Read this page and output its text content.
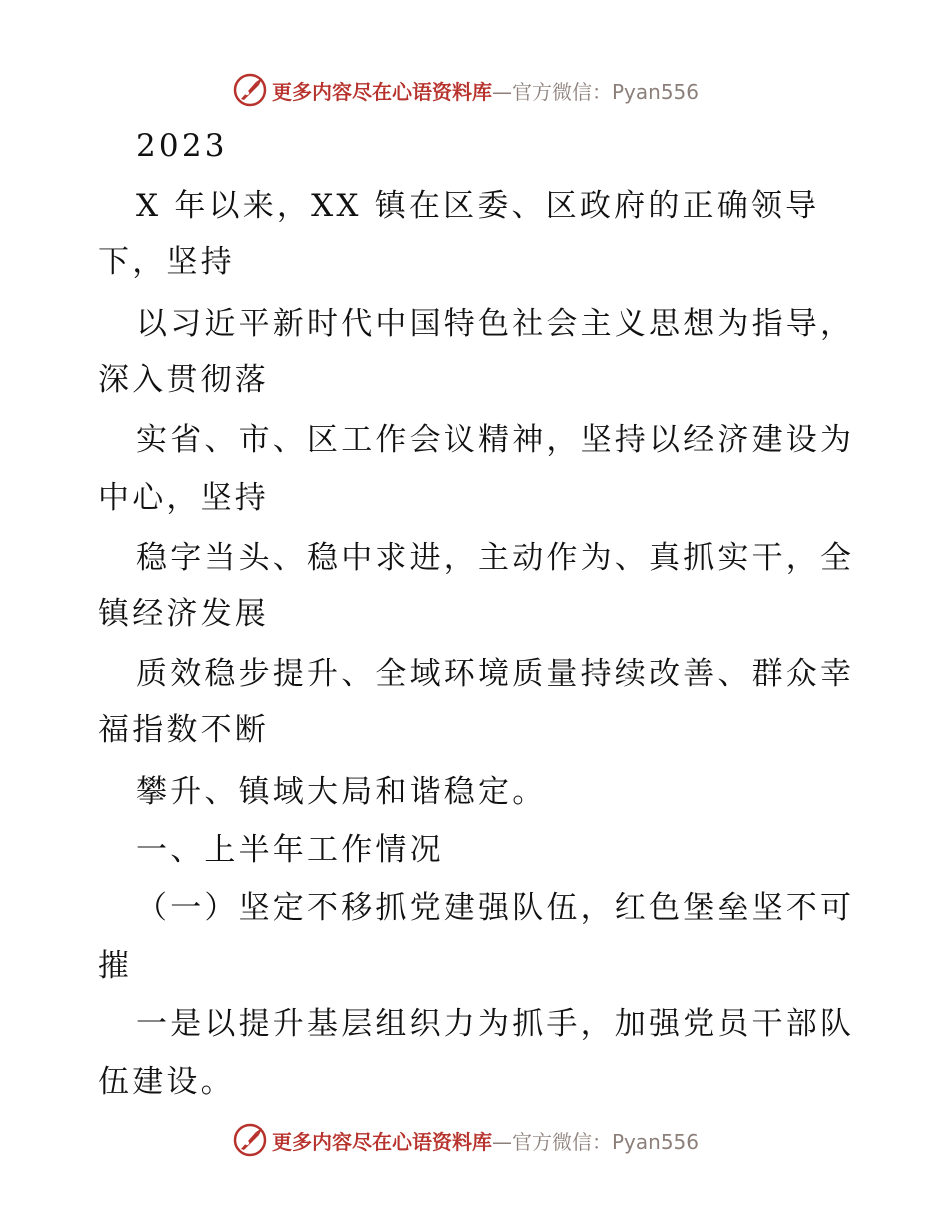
更多内容尽在心语资料库 —官方微信：Pyan556
2023
X 年以来，XX 镇在区委、区政府的正确领导
下，坚持
以习近平新时代中国特色社会主义思想为指导，
深入贯彻落
实省、市、区工作会议精神，坚持以经济建设为
中心，坚持
稳字当头、稳中求进，主动作为、真抓实干，全
镇经济发展
质效稳步提升、全域环境质量持续改善、群众幸
福指数不断
攀升、镇域大局和谐稳定。
一、上半年工作情况
（一）坚定不移抓党建强队伍，红色堡垒坚不可
摧
一是以提升基层组织力为抓手，加强党员干部队
伍建设。
更多内容尽在心语资料库 —官方微信：Pyan556
